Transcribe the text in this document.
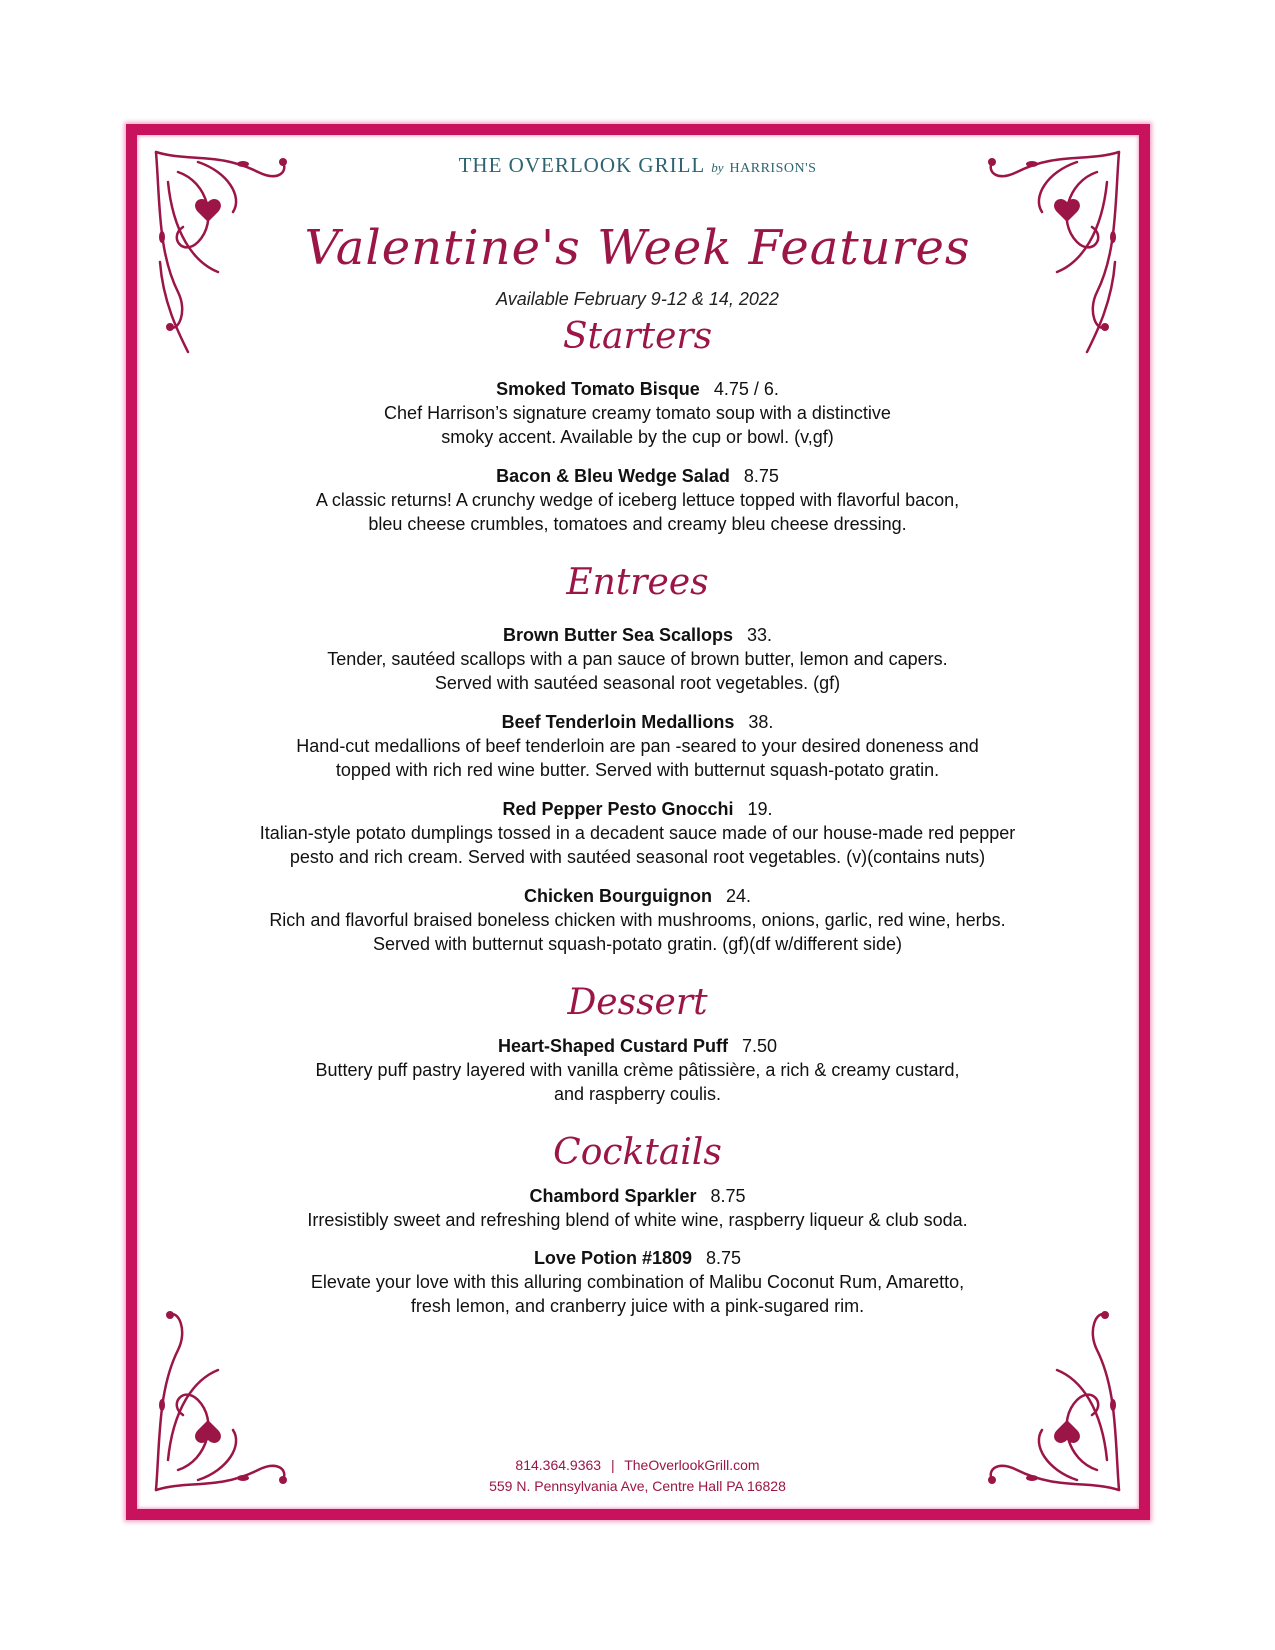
THE OVERLOOK GRILL by HARRISON'S
Valentine's Week Features
Available February 9-12 & 14, 2022
Starters
Smoked Tomato Bisque 4.75 / 6.
Chef Harrison’s signature creamy tomato soup with a distinctive
smoky accent. Available by the cup or bowl. (v,gf)
Bacon & Bleu Wedge Salad 8.75
A classic returns! A crunchy wedge of iceberg lettuce topped with flavorful bacon,
bleu cheese crumbles, tomatoes and creamy bleu cheese dressing.
Entrees
Brown Butter Sea Scallops 33.
Tender, sautéed scallops with a pan sauce of brown butter, lemon and capers.
Served with sautéed seasonal root vegetables. (gf)
Beef Tenderloin Medallions 38.
Hand-cut medallions of beef tenderloin are pan -seared to your desired doneness and
topped with rich red wine butter. Served with butternut squash-potato gratin.
Red Pepper Pesto Gnocchi 19.
Italian-style potato dumplings tossed in a decadent sauce made of our house-made red pepper
pesto and rich cream. Served with sautéed seasonal root vegetables. (v)(contains nuts)
Chicken Bourguignon 24.
Rich and flavorful braised boneless chicken with mushrooms, onions, garlic, red wine, herbs.
Served with butternut squash-potato gratin. (gf)(df w/different side)
Dessert
Heart-Shaped Custard Puff 7.50
Buttery puff pastry layered with vanilla crème pâtissière, a rich & creamy custard,
and raspberry coulis.
Cocktails
Chambord Sparkler 8.75
Irresistibly sweet and refreshing blend of white wine, raspberry liqueur & club soda.
Love Potion #1809 8.75
Elevate your love with this alluring combination of Malibu Coconut Rum, Amaretto,
fresh lemon, and cranberry juice with a pink-sugared rim.
814.364.9363 | TheOverlookGrill.com
559 N. Pennsylvania Ave, Centre Hall PA 16828
